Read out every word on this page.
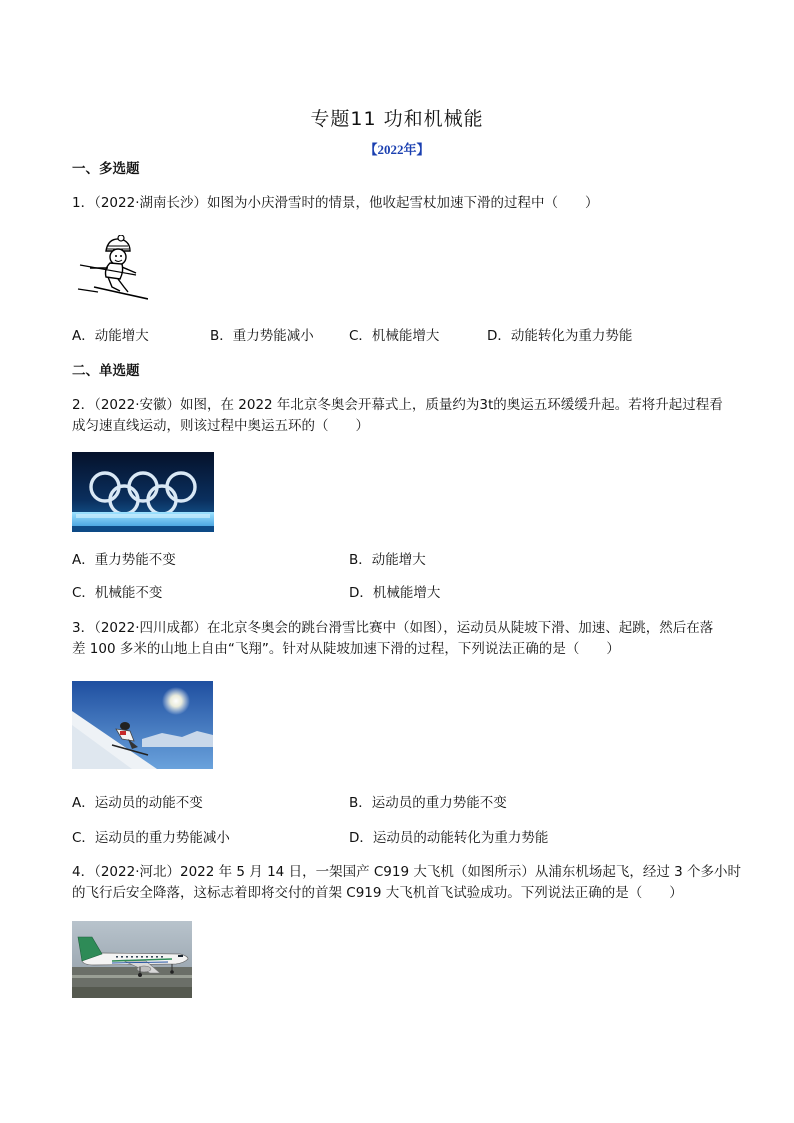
专题11 功和机械能
【2022年】
一、多选题
1．（2022·湖南长沙）如图为小庆滑雪时的情景，他收起雪杖加速下滑的过程中（　　）
A．动能增大	B．重力势能减小	C．机械能增大	D．动能转化为重力势能
二、单选题
2．（2022·安徽）如图，在 2022 年北京冬奥会开幕式上，质量约为3t的奥运五环缓缓升起。若将升起过程看
成匀速直线运动，则该过程中奥运五环的（　　）
A．重力势能不变	B．动能增大
C．机械能不变	D．机械能增大
3．（2022·四川成都）在北京冬奥会的跳台滑雪比赛中（如图），运动员从陡坡下滑、加速、起跳，然后在落
差 100 多米的山地上自由“飞翔”。针对从陡坡加速下滑的过程，下列说法正确的是（　　）
A．运动员的动能不变	B．运动员的重力势能不变
C．运动员的重力势能减小	D．运动员的动能转化为重力势能
4．（2022·河北）2022 年 5 月 14 日，一架国产 C919 大飞机（如图所示）从浦东机场起飞，经过 3 个多小时
的飞行后安全降落，这标志着即将交付的首架 C919 大飞机首飞试验成功。下列说法正确的是（　　）
